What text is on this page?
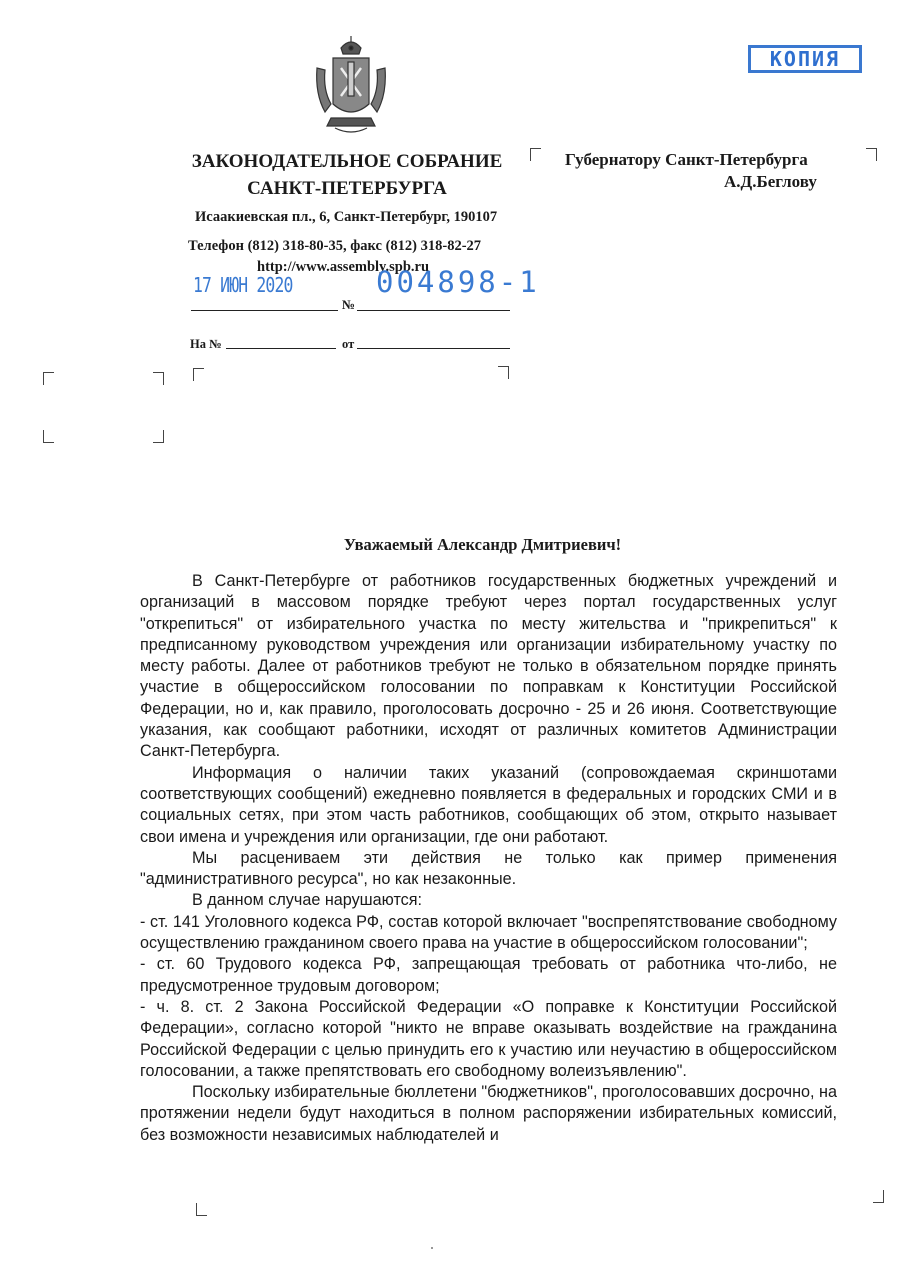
КОПИЯ
ЗАКОНОДАТЕЛЬНОЕ СОБРАНИЕ
САНКТ-ПЕТЕРБУРГА
Исаакиевская пл., 6, Санкт-Петербург, 190107
Телефон (812) 318-80-35, факс (812) 318-82-27
http://www.assembly.spb.ru
17 ИЮН 2020	004898-1
№
На №	от
Губернатору Санкт-Петербурга
А.Д.Беглову
Уважаемый Александр Дмитриевич!

В Санкт-Петербурге от работников государственных бюджетных учреждений и организаций в массовом порядке требуют через портал государственных услуг "открепиться" от избирательного участка по месту жительства и "прикрепиться" к предписанному руководством учреждения или организации избирательному участку по месту работы. Далее от работников требуют не только в обязательном порядке принять участие в общероссийском голосовании по поправкам к Конституции Российской Федерации, но и, как правило, проголосовать досрочно - 25 и 26 июня. Соответствующие указания, как сообщают работники, исходят от различных комитетов Администрации Санкт-Петербурга.

Информация о наличии таких указаний (сопровождаемая скриншотами соответствующих сообщений) ежедневно появляется в федеральных и городских СМИ и в социальных сетях, при этом часть работников, сообщающих об этом, открыто называет свои имена и учреждения или организации, где они работают.

Мы расцениваем эти действия не только как пример применения "административного ресурса", но как незаконные.

В данном случае нарушаются:

- ст. 141 Уголовного кодекса РФ, состав которой включает "воспрепятствование свободному осуществлению гражданином своего права на участие в общероссийском голосовании";

- ст. 60 Трудового кодекса РФ, запрещающая требовать от работника что-либо, не предусмотренное трудовым договором;

- ч. 8. ст. 2 Закона Российской Федерации «О поправке к Конституции Российской Федерации», согласно которой "никто не вправе оказывать воздействие на гражданина Российской Федерации с целью принудить его к участию или неучастию в общероссийском голосовании, а также препятствовать его свободному волеизъявлению".

Поскольку избирательные бюллетени "бюджетников", проголосовавших досрочно, на протяжении недели будут находиться в полном распоряжении избирательных комиссий, без возможности независимых наблюдателей и
